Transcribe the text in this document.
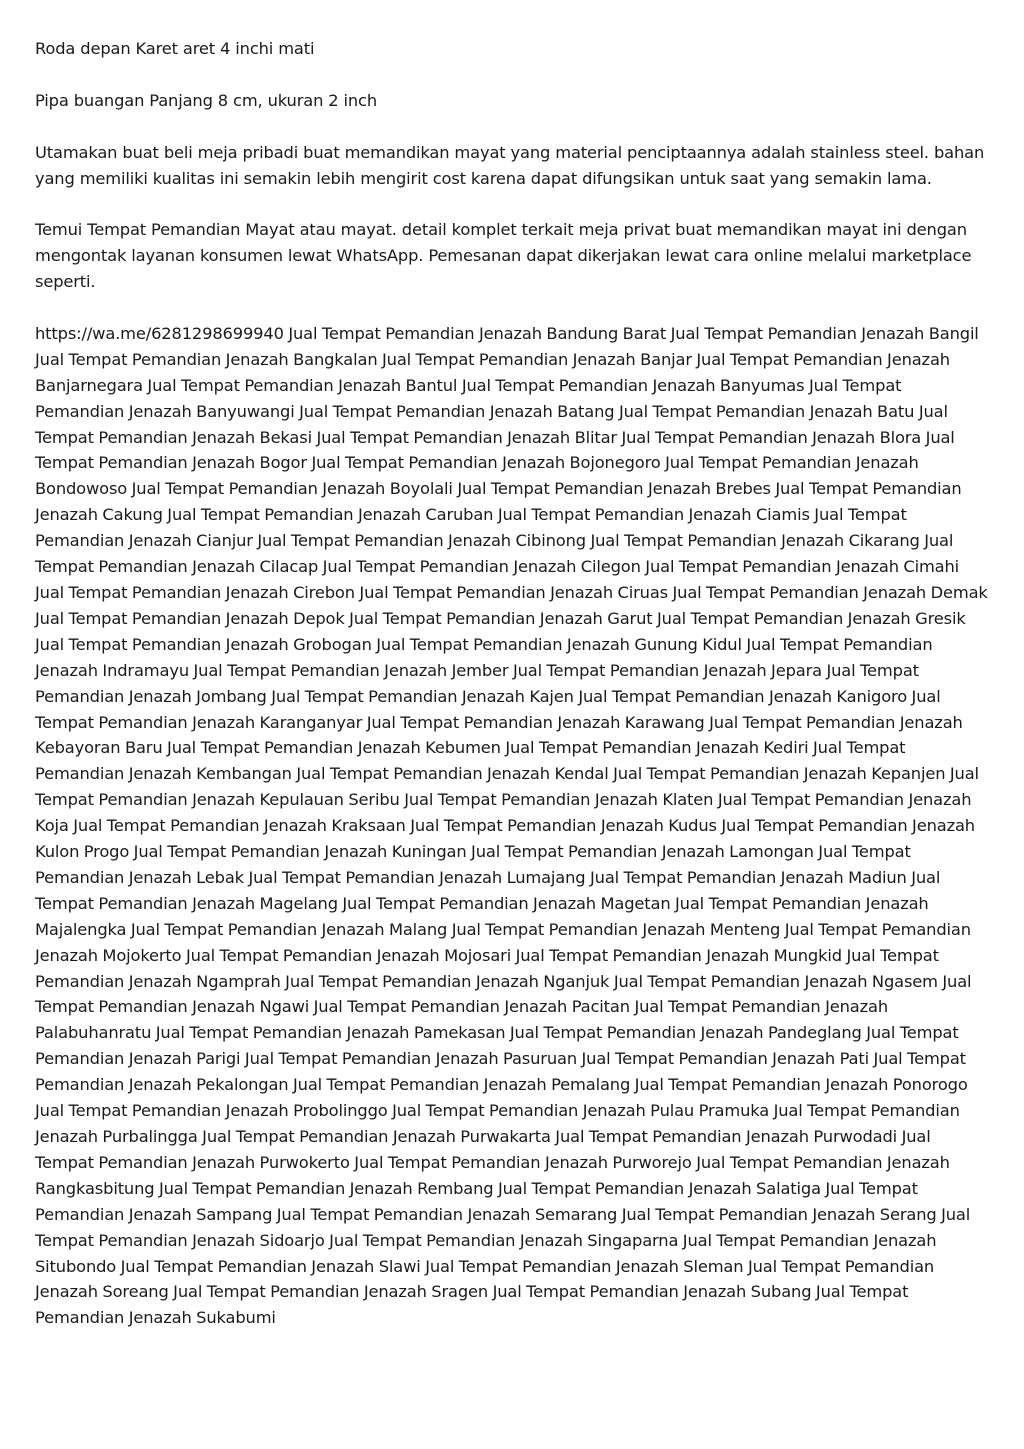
Roda depan Karet aret 4 inchi mati

Pipa buangan Panjang 8 cm, ukuran 2 inch

Utamakan buat beli meja pribadi buat memandikan mayat yang material penciptaannya adalah stainless steel. bahan yang memiliki kualitas ini semakin lebih mengirit cost karena dapat difungsikan untuk saat yang semakin lama.

Temui Tempat Pemandian Mayat atau mayat. detail komplet terkait meja privat buat memandikan mayat ini dengan mengontak layanan konsumen lewat WhatsApp. Pemesanan dapat dikerjakan lewat cara online melalui marketplace seperti.

https://wa.me/6281298699940 Jual Tempat Pemandian Jenazah Bandung Barat Jual Tempat Pemandian Jenazah Bangil Jual Tempat Pemandian Jenazah Bangkalan Jual Tempat Pemandian Jenazah Banjar Jual Tempat Pemandian Jenazah Banjarnegara Jual Tempat Pemandian Jenazah Bantul Jual Tempat Pemandian Jenazah Banyumas Jual Tempat Pemandian Jenazah Banyuwangi Jual Tempat Pemandian Jenazah Batang Jual Tempat Pemandian Jenazah Batu Jual Tempat Pemandian Jenazah Bekasi Jual Tempat Pemandian Jenazah Blitar Jual Tempat Pemandian Jenazah Blora Jual Tempat Pemandian Jenazah Bogor Jual Tempat Pemandian Jenazah Bojonegoro Jual Tempat Pemandian Jenazah Bondowoso Jual Tempat Pemandian Jenazah Boyolali Jual Tempat Pemandian Jenazah Brebes Jual Tempat Pemandian Jenazah Cakung Jual Tempat Pemandian Jenazah Caruban Jual Tempat Pemandian Jenazah Ciamis Jual Tempat Pemandian Jenazah Cianjur Jual Tempat Pemandian Jenazah Cibinong Jual Tempat Pemandian Jenazah Cikarang Jual Tempat Pemandian Jenazah Cilacap Jual Tempat Pemandian Jenazah Cilegon Jual Tempat Pemandian Jenazah Cimahi Jual Tempat Pemandian Jenazah Cirebon Jual Tempat Pemandian Jenazah Ciruas Jual Tempat Pemandian Jenazah Demak Jual Tempat Pemandian Jenazah Depok Jual Tempat Pemandian Jenazah Garut Jual Tempat Pemandian Jenazah Gresik Jual Tempat Pemandian Jenazah Grobogan Jual Tempat Pemandian Jenazah Gunung Kidul Jual Tempat Pemandian Jenazah Indramayu Jual Tempat Pemandian Jenazah Jember Jual Tempat Pemandian Jenazah Jepara Jual Tempat Pemandian Jenazah Jombang Jual Tempat Pemandian Jenazah Kajen Jual Tempat Pemandian Jenazah Kanigoro Jual Tempat Pemandian Jenazah Karanganyar Jual Tempat Pemandian Jenazah Karawang Jual Tempat Pemandian Jenazah Kebayoran Baru Jual Tempat Pemandian Jenazah Kebumen Jual Tempat Pemandian Jenazah Kediri Jual Tempat Pemandian Jenazah Kembangan Jual Tempat Pemandian Jenazah Kendal Jual Tempat Pemandian Jenazah Kepanjen Jual Tempat Pemandian Jenazah Kepulauan Seribu Jual Tempat Pemandian Jenazah Klaten Jual Tempat Pemandian Jenazah Koja Jual Tempat Pemandian Jenazah Kraksaan Jual Tempat Pemandian Jenazah Kudus Jual Tempat Pemandian Jenazah Kulon Progo Jual Tempat Pemandian Jenazah Kuningan Jual Tempat Pemandian Jenazah Lamongan Jual Tempat Pemandian Jenazah Lebak Jual Tempat Pemandian Jenazah Lumajang Jual Tempat Pemandian Jenazah Madiun Jual Tempat Pemandian Jenazah Magelang Jual Tempat Pemandian Jenazah Magetan Jual Tempat Pemandian Jenazah Majalengka Jual Tempat Pemandian Jenazah Malang Jual Tempat Pemandian Jenazah Menteng Jual Tempat Pemandian Jenazah Mojokerto Jual Tempat Pemandian Jenazah Mojosari Jual Tempat Pemandian Jenazah Mungkid Jual Tempat Pemandian Jenazah Ngamprah Jual Tempat Pemandian Jenazah Nganjuk Jual Tempat Pemandian Jenazah Ngasem Jual Tempat Pemandian Jenazah Ngawi Jual Tempat Pemandian Jenazah Pacitan Jual Tempat Pemandian Jenazah Palabuhanratu Jual Tempat Pemandian Jenazah Pamekasan Jual Tempat Pemandian Jenazah Pandeglang Jual Tempat Pemandian Jenazah Parigi Jual Tempat Pemandian Jenazah Pasuruan Jual Tempat Pemandian Jenazah Pati Jual Tempat Pemandian Jenazah Pekalongan Jual Tempat Pemandian Jenazah Pemalang Jual Tempat Pemandian Jenazah Ponorogo Jual Tempat Pemandian Jenazah Probolinggo Jual Tempat Pemandian Jenazah Pulau Pramuka Jual Tempat Pemandian Jenazah Purbalingga Jual Tempat Pemandian Jenazah Purwakarta Jual Tempat Pemandian Jenazah Purwodadi Jual Tempat Pemandian Jenazah Purwokerto Jual Tempat Pemandian Jenazah Purworejo Jual Tempat Pemandian Jenazah Rangkasbitung Jual Tempat Pemandian Jenazah Rembang Jual Tempat Pemandian Jenazah Salatiga Jual Tempat Pemandian Jenazah Sampang Jual Tempat Pemandian Jenazah Semarang Jual Tempat Pemandian Jenazah Serang Jual Tempat Pemandian Jenazah Sidoarjo Jual Tempat Pemandian Jenazah Singaparna Jual Tempat Pemandian Jenazah Situbondo Jual Tempat Pemandian Jenazah Slawi Jual Tempat Pemandian Jenazah Sleman Jual Tempat Pemandian Jenazah Soreang Jual Tempat Pemandian Jenazah Sragen Jual Tempat Pemandian Jenazah Subang Jual Tempat Pemandian Jenazah Sukabumi
